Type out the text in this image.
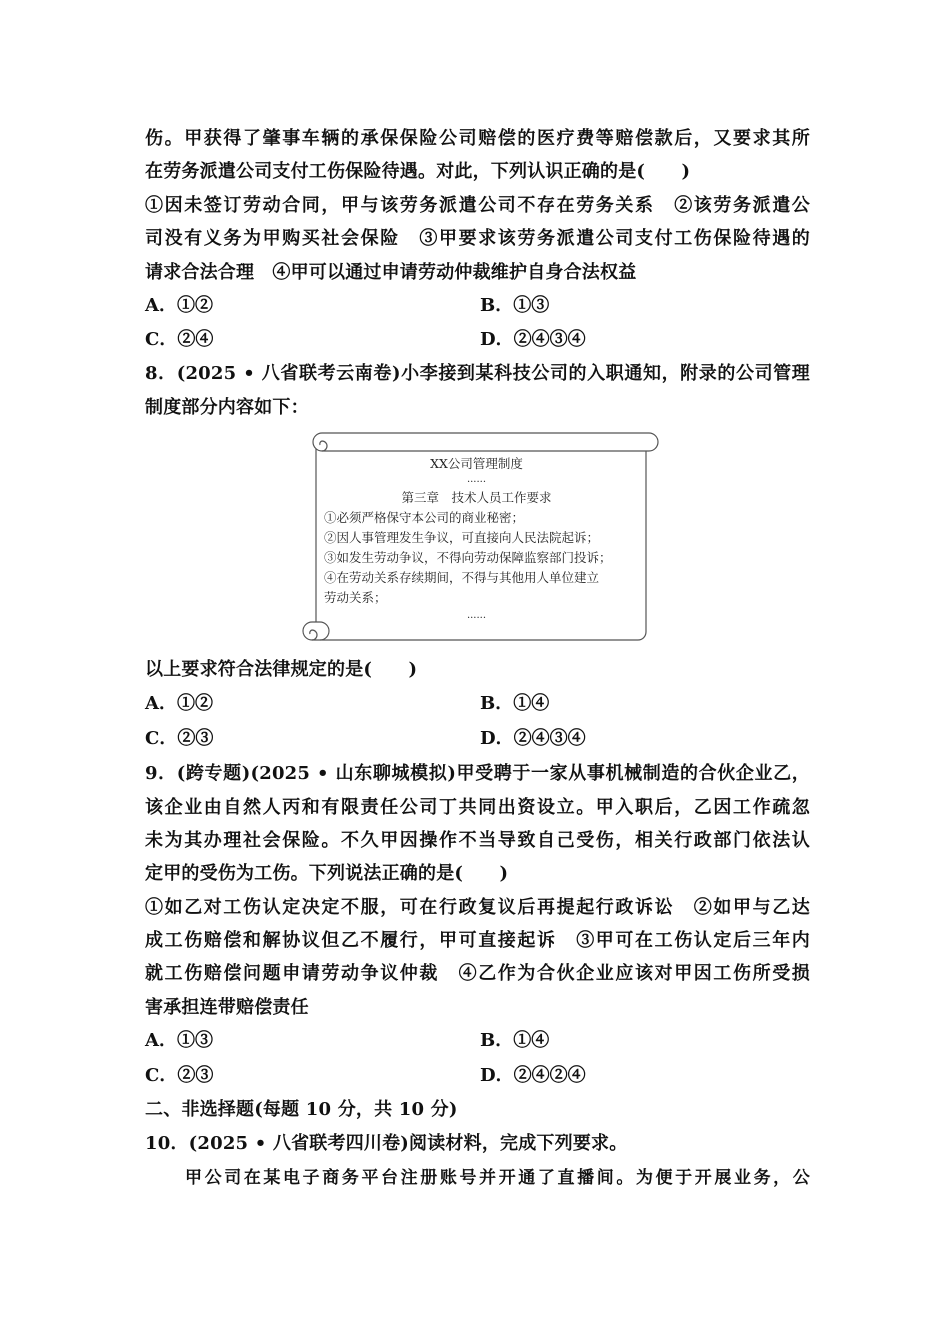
伤。甲获得了肇事车辆的承保保险公司赔偿的医疗费等赔偿款后，又要求其所
在劳务派遣公司支付工伤保险待遇。对此，下列认识正确的是(　　)
①因未签订劳动合同，甲与该劳务派遣公司不存在劳务关系　②该劳务派遣公
司没有义务为甲购买社会保险　③甲要求该劳务派遣公司支付工伤保险待遇的
请求合法合理　④甲可以通过申请劳动仲裁维护自身合法权益
A．①②	B．①③
C．②④	D．②④③④
8．(2025 • 八省联考云南卷)小李接到某科技公司的入职通知，附录的公司管理
制度部分内容如下：
XX公司管理制度
......
第三章　技术人员工作要求
①必须严格保守本公司的商业秘密；
②因人事管理发生争议，可直接向人民法院起诉；
③如发生劳动争议，不得向劳动保障监察部门投诉；
④在劳动关系存续期间，不得与其他用人单位建立
劳动关系；
......
以上要求符合法律规定的是(　　)
A．①②	B．①④
C．②③	D．②④③④
9．(跨专题)(2025 • 山东聊城模拟)甲受聘于一家从事机械制造的合伙企业乙，
该企业由自然人丙和有限责任公司丁共同出资设立。甲入职后，乙因工作疏忽
未为其办理社会保险。不久甲因操作不当导致自己受伤，相关行政部门依法认
定甲的受伤为工伤。下列说法正确的是(　　)
①如乙对工伤认定决定不服，可在行政复议后再提起行政诉讼　②如甲与乙达
成工伤赔偿和解协议但乙不履行，甲可直接起诉　③甲可在工伤认定后三年内
就工伤赔偿问题申请劳动争议仲裁　④乙作为合伙企业应该对甲因工伤所受损
害承担连带赔偿责任
A．①③	B．①④
C．②③	D．②④②④
二、非选择题(每题 10 分，共 10 分)
10．(2025 • 八省联考四川卷)阅读材料，完成下列要求。
甲公司在某电子商务平台注册账号并开通了直播间。为便于开展业务，公
